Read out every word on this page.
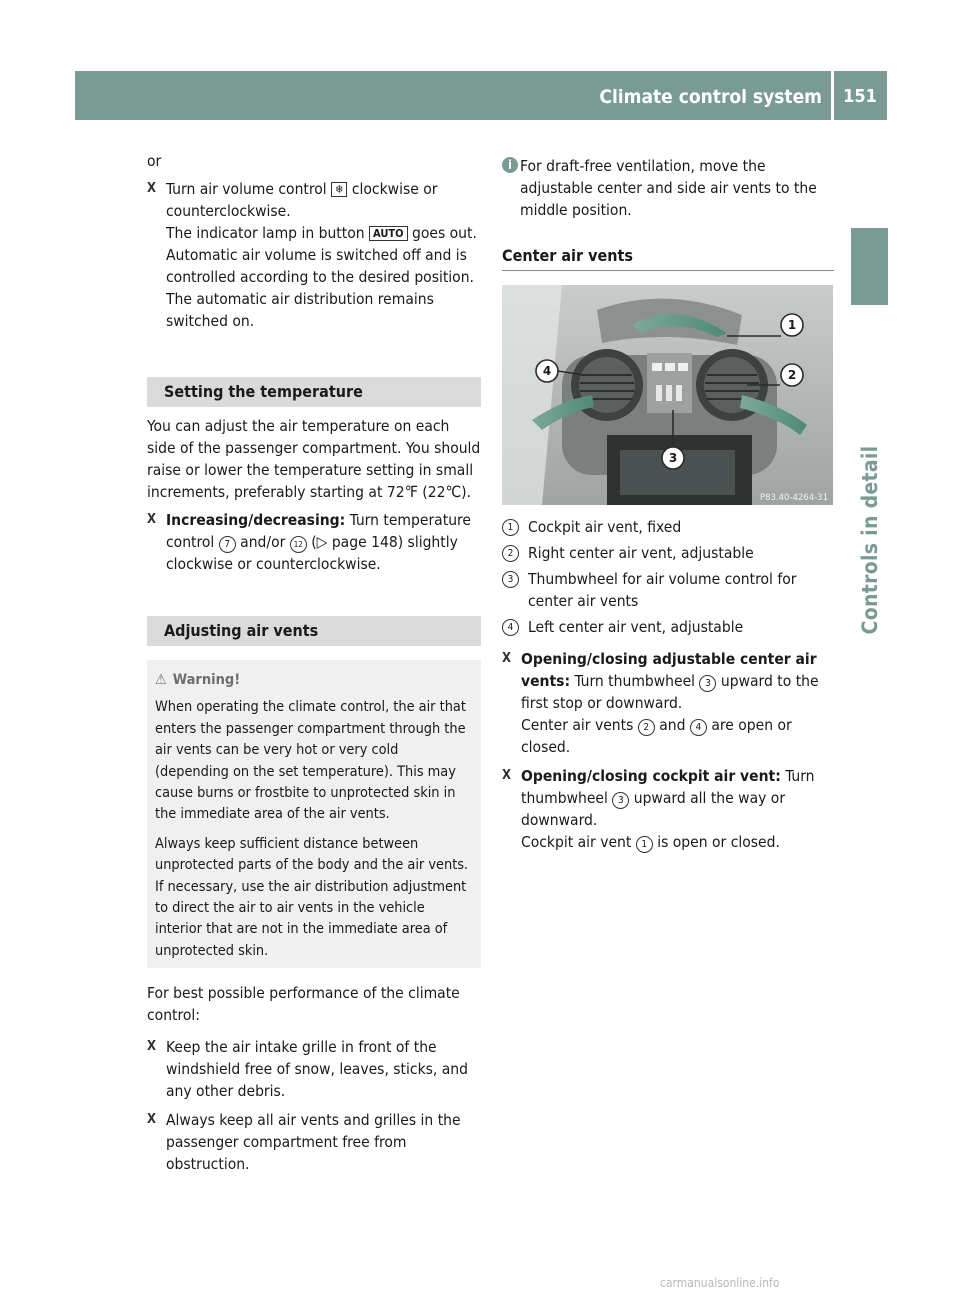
Climate control system	151
Controls in detail

or

X Turn air volume control ❄ clockwise or counterclockwise.
The indicator lamp in button AUTO goes out. Automatic air volume is switched off and is controlled according to the desired position. The automatic air distribution remains switched on.
Setting the temperature

You can adjust the air temperature on each side of the passenger compartment. You should raise or lower the temperature setting in small increments, preferably starting at 72℉ (22℃).

X Increasing/decreasing: Turn temperature control 7 and/or 12 (▷ page 148) slightly clockwise or counterclockwise.
Adjusting air vents
⚠ Warning!

When operating the climate control, the air that enters the passenger compartment through the air vents can be very hot or very cold (depending on the set temperature). This may cause burns or frostbite to unprotected skin in the immediate area of the air vents.

Always keep sufficient distance between unprotected parts of the body and the air vents. If necessary, use the air distribution adjustment to direct the air to air vents in the vehicle interior that are not in the immediate area of unprotected skin.

For best possible performance of the climate control:

X Keep the air intake grille in front of the windshield free of snow, leaves, sticks, and any other debris.
X Always keep all air vents and grilles in the passenger compartment free from obstruction.
i For draft-free ventilation, move the adjustable center and side air vents to the middle position.
Center air vents
1
2
3
4
P83.40-4264-31
1 Cockpit air vent, fixed
2 Right center air vent, adjustable
3 Thumbwheel for air volume control for center air vents
4 Left center air vent, adjustable
X Opening/closing adjustable center air vents: Turn thumbwheel 3 upward to the first stop or downward.
Center air vents 2 and 4 are open or closed.
X Opening/closing cockpit air vent: Turn thumbwheel 3 upward all the way or downward.
Cockpit air vent 1 is open or closed.
carmanualsonline.info
